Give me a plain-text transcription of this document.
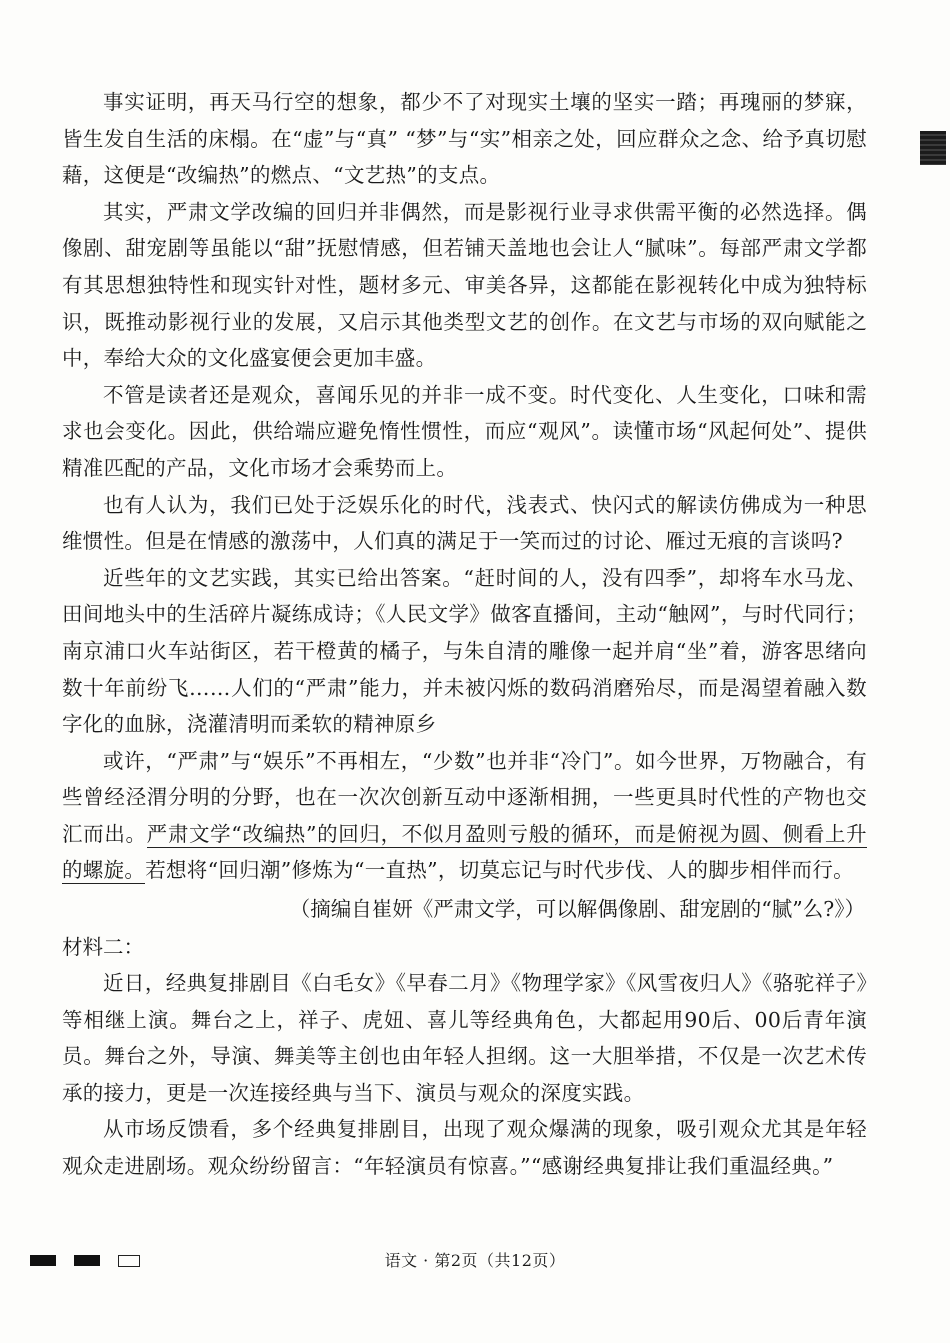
事实证明，再天马行空的想象，都少不了对现实土壤的坚实一踏；再瑰丽的梦寐，皆生发自生活的床榻。在“虚”与“真” “梦”与“实”相亲之处，回应群众之念、给予真切慰藉，这便是“改编热”的燃点、“文艺热”的支点。

其实，严肃文学改编的回归并非偶然，而是影视行业寻求供需平衡的必然选择。偶像剧、甜宠剧等虽能以“甜”抚慰情感，但若铺天盖地也会让人“腻味”。每部严肃文学都有其思想独特性和现实针对性，题材多元、审美各异，这都能在影视转化中成为独特标识，既推动影视行业的发展，又启示其他类型文艺的创作。在文艺与市场的双向赋能之中，奉给大众的文化盛宴便会更加丰盛。

不管是读者还是观众，喜闻乐见的并非一成不变。时代变化、人生变化，口味和需求也会变化。因此，供给端应避免惰性惯性，而应“观风”。读懂市场“风起何处”、提供精准匹配的产品，文化市场才会乘势而上。

也有人认为，我们已处于泛娱乐化的时代，浅表式、快闪式的解读仿佛成为一种思维惯性。但是在情感的激荡中，人们真的满足于一笑而过的讨论、雁过无痕的言谈吗?

近些年的文艺实践，其实已给出答案。“赶时间的人，没有四季”，却将车水马龙、田间地头中的生活碎片凝练成诗；《人民文学》做客直播间，主动“触网”，与时代同行；南京浦口火车站街区，若干橙黄的橘子，与朱自清的雕像一起并肩“坐”着，游客思绪向数十年前纷飞……人们的“严肃”能力，并未被闪烁的数码消磨殆尽，而是渴望着融入数字化的血脉，浇灌清明而柔软的精神原乡

或许，“严肃”与“娱乐”不再相左，“少数”也并非“冷门”。如今世界，万物融合，有些曾经泾渭分明的分野，也在一次次创新互动中逐渐相拥，一些更具时代性的产物也交汇而出。严肃文学“改编热”的回归，不似月盈则亏般的循环，而是俯视为圆、侧看上升的螺旋。若想将“回归潮”修炼为“一直热”，切莫忘记与时代步伐、人的脚步相伴而行。

（摘编自崔妍《严肃文学，可以解偶像剧、甜宠剧的“腻”么?》）

材料二：

近日，经典复排剧目《白毛女》《早春二月》《物理学家》《风雪夜归人》《骆驼祥子》等相继上演。舞台之上，祥子、虎妞、喜儿等经典角色，大都起用90后、00后青年演员。舞台之外，导演、舞美等主创也由年轻人担纲。这一大胆举措，不仅是一次艺术传承的接力，更是一次连接经典与当下、演员与观众的深度实践。

从市场反馈看，多个经典复排剧目，出现了观众爆满的现象，吸引观众尤其是年轻观众走进剧场。观众纷纷留言：“年轻演员有惊喜。”“感谢经典复排让我们重温经典。”

语文 · 第2页（共12页）
